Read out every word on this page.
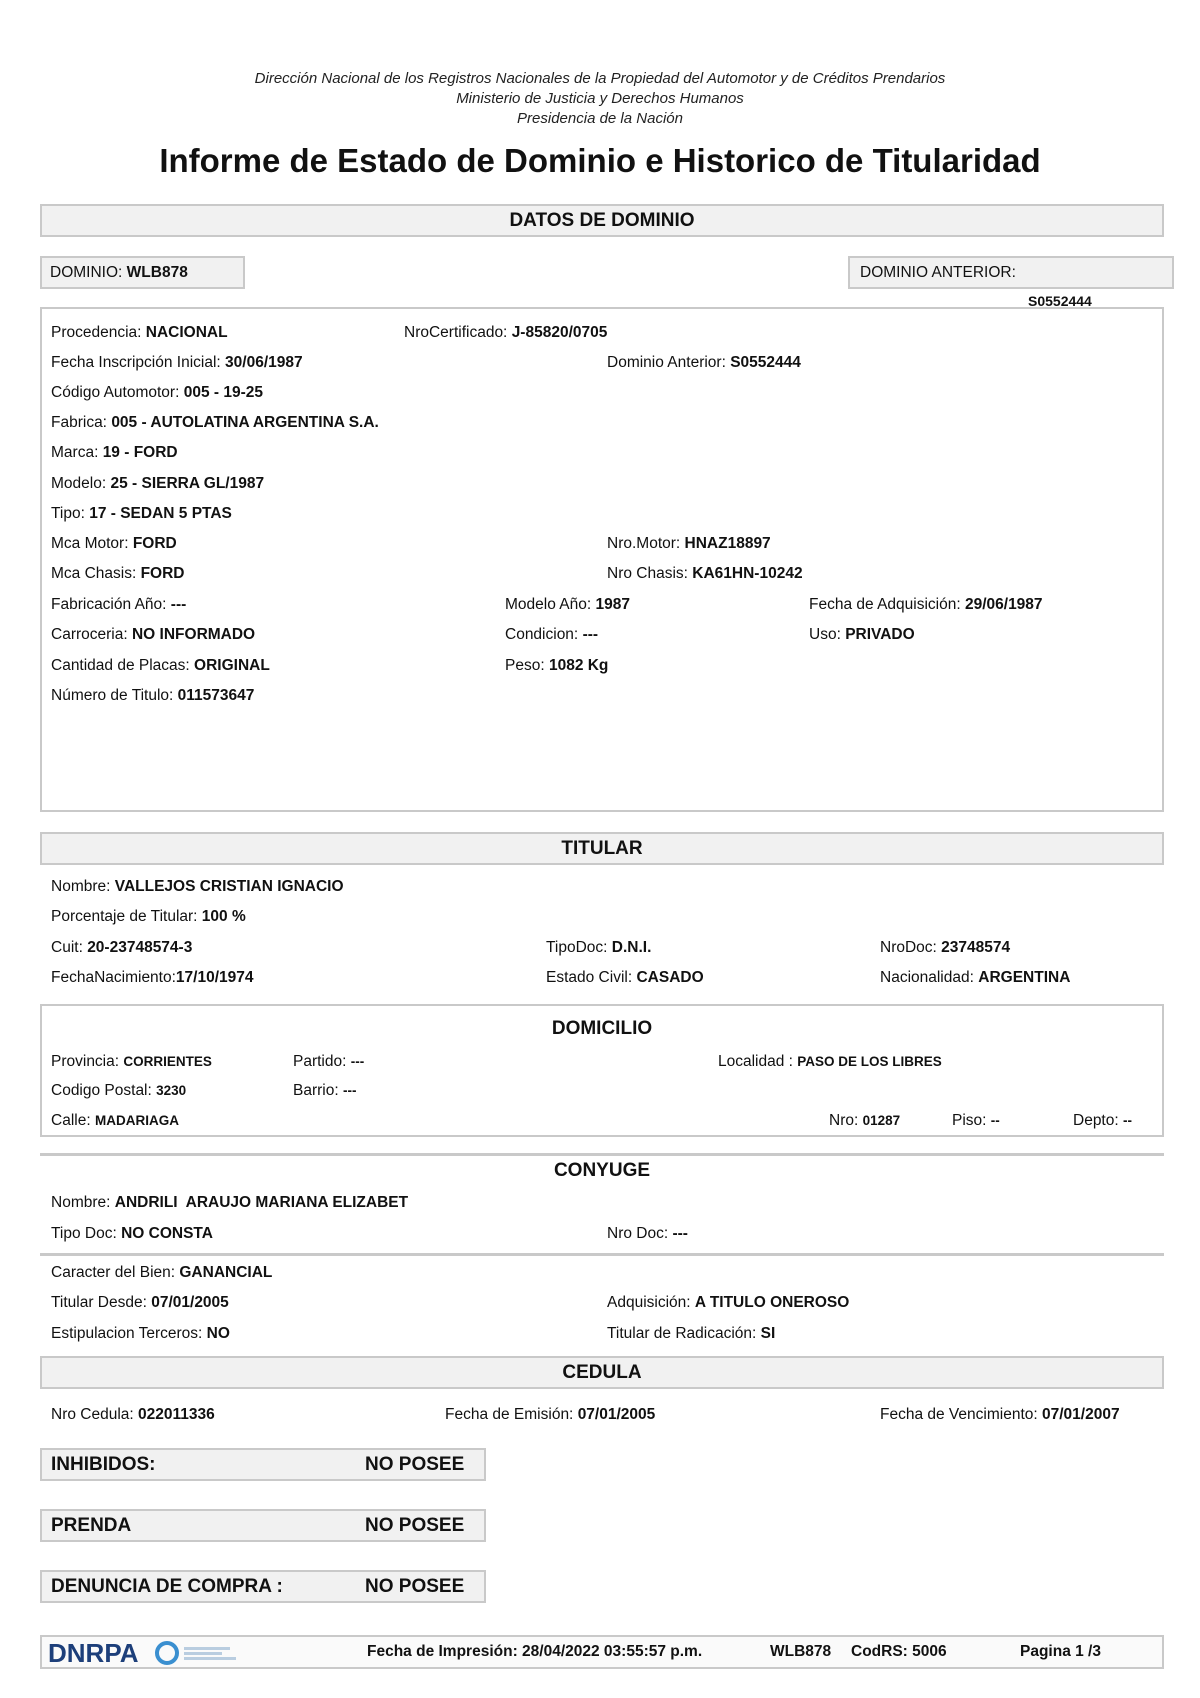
Dirección Nacional de los Registros Nacionales de la Propiedad del Automotor y de Créditos Prendarios
Ministerio de Justicia y Derechos Humanos
Presidencia de la Nación
Informe de Estado de Dominio e Historico de Titularidad
DATOS DE DOMINIO
DOMINIO: WLB878	DOMINIO ANTERIOR:
S0552444
Procedencia: NACIONAL	NroCertificado: J-85820/0705
Fecha Inscripción Inicial: 30/06/1987	Dominio Anterior: S0552444
Código Automotor: 005 - 19-25
Fabrica: 005 - AUTOLATINA ARGENTINA S.A.
Marca: 19 - FORD
Modelo: 25 - SIERRA GL/1987
Tipo: 17 - SEDAN 5 PTAS
Mca Motor: FORD	Nro.Motor: HNAZ18897
Mca Chasis: FORD	Nro Chasis: KA61HN-10242
Fabricación Año: ---	Modelo Año: 1987	Fecha de Adquisición: 29/06/1987
Carroceria: NO INFORMADO	Condicion: ---	Uso: PRIVADO
Cantidad de Placas: ORIGINAL	Peso: 1082 Kg
Número de Titulo: 011573647
TITULAR
Nombre: VALLEJOS CRISTIAN IGNACIO
Porcentaje de Titular: 100 %
Cuit: 20-23748574-3	TipoDoc: D.N.I.	NroDoc: 23748574
FechaNacimiento:17/10/1974	Estado Civil: CASADO	Nacionalidad: ARGENTINA
DOMICILIO
Provincia: CORRIENTES	Partido: ---	Localidad : PASO DE LOS LIBRES
Codigo Postal: 3230	Barrio: ---
Calle: MADARIAGA	Nro: 01287	Piso: --	Depto: --
CONYUGE
Nombre: ANDRILI  ARAUJO MARIANA ELIZABET
Tipo Doc: NO CONSTA	Nro Doc: ---
Caracter del Bien: GANANCIAL
Titular Desde: 07/01/2005	Adquisición: A TITULO ONEROSO
Estipulacion Terceros: NO	Titular de Radicación: SI
CEDULA
Nro Cedula: 022011336	Fecha de Emisión: 07/01/2005	Fecha de Vencimiento: 07/01/2007
INHIBIDOS:	NO POSEE
PRENDA	NO POSEE
DENUNCIA DE COMPRA :	NO POSEE
DNRPA	Fecha de Impresión: 28/04/2022 03:55:57 p.m.	WLB878 CodRS: 5006	Pagina 1 /3
